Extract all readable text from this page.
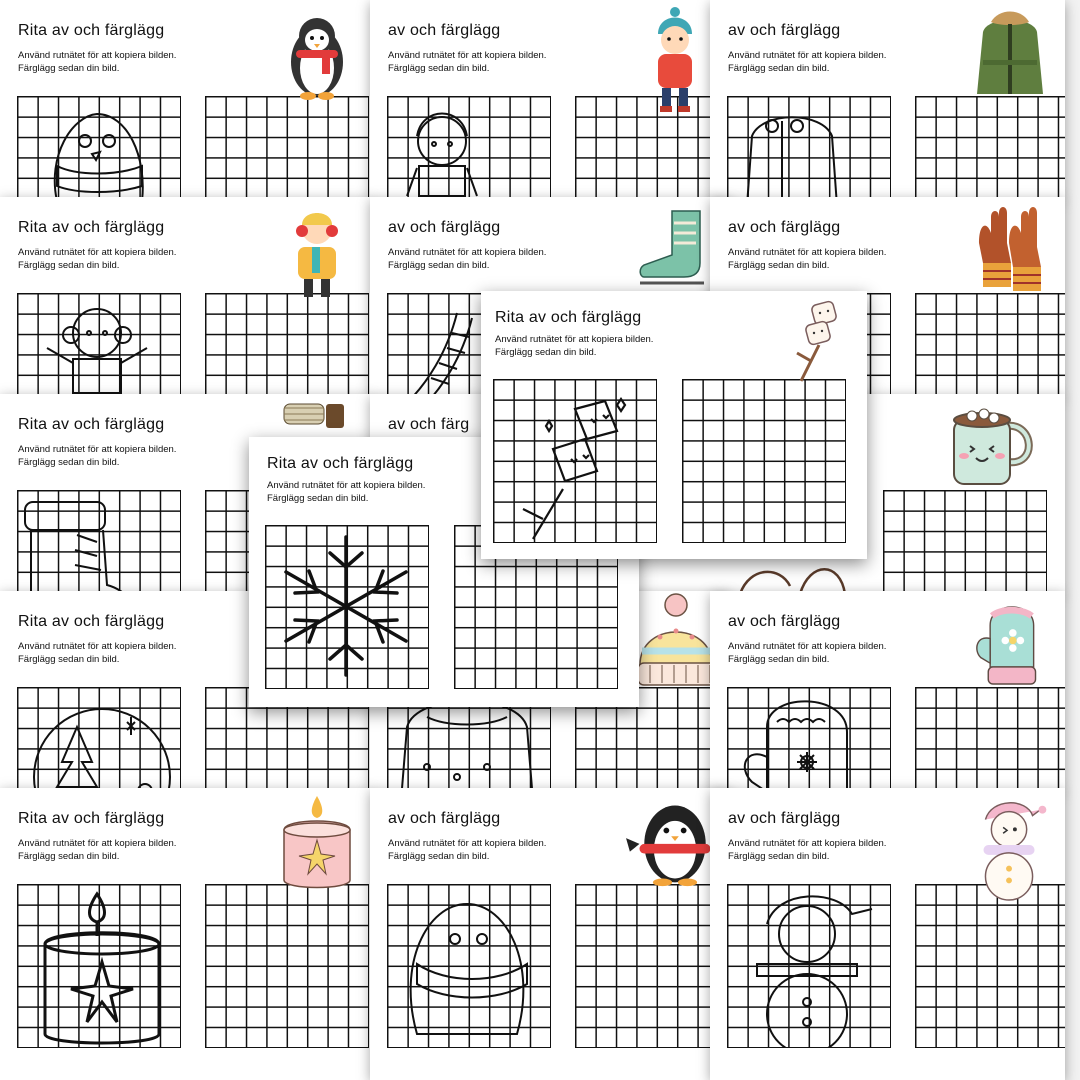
Rita av och färglägg
Använd rutnätet för att kopiera bilden.
Färglägg sedan din bild.
av och färglägg
Använd rutnätet för att kopiera bilden.
Färglägg sedan din bild.
av och färglägg
Använd rutnätet för att kopiera bilden.
Färglägg sedan din bild.
Rita av och färglägg
Använd rutnätet för att kopiera bilden.
Färglägg sedan din bild.
av och färglägg
Använd rutnätet för att kopiera bilden.
Färglägg sedan din bild.
av och färglägg
Använd rutnätet för att kopiera bilden.
Färglägg sedan din bild.
Rita av och färglägg
Använd rutnätet för att kopiera bilden.
Färglägg sedan din bild.
av och färg
Rita av och färglägg
Använd rutnätet för att kopiera bilden.
Färglägg sedan din bild.
av och färglägg
Använd rutnätet för att kopiera bilden.
Färglägg sedan din bild.
Rita av och färglägg
Använd rutnätet för att kopiera bilden.
Färglägg sedan din bild.
av och färglägg
Använd rutnätet för att kopiera bilden.
Färglägg sedan din bild.
av och färglägg
Använd rutnätet för att kopiera bilden.
Färglägg sedan din bild.
Rita av och färglägg
Använd rutnätet för att kopiera bilden.
Färglägg sedan din bild.
Rita av och färglägg
Använd rutnätet för att kopiera bilden.
Färglägg sedan din bild.
